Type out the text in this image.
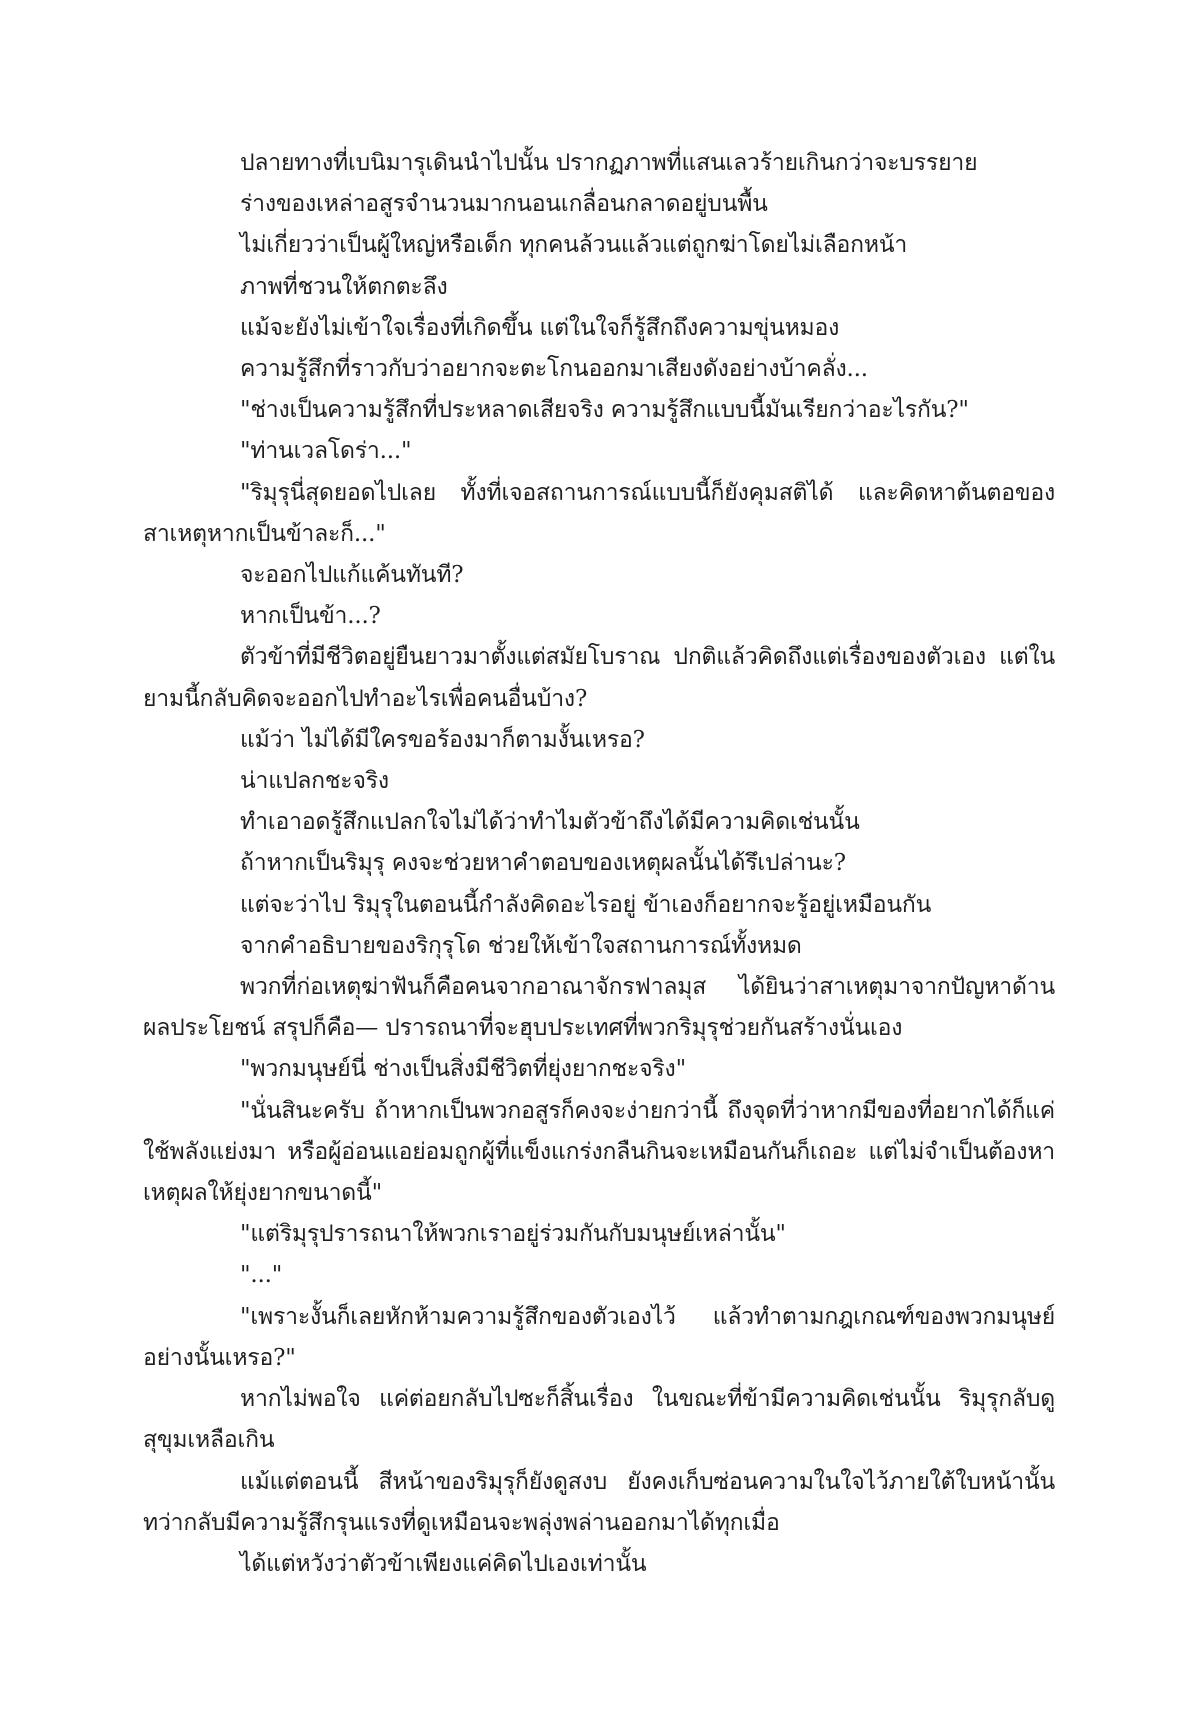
ปลายทางที่เบนิมารุเดินนำไปนั้น ปรากฏภาพที่แสนเลวร้ายเกินกว่าจะบรรยาย

ร่างของเหล่าอสูรจำนวนมากนอนเกลื่อนกลาดอยู่บนพื้น

ไม่เกี่ยวว่าเป็นผู้ใหญ่หรือเด็ก ทุกคนล้วนแล้วแต่ถูกฆ่าโดยไม่เลือกหน้า

ภาพที่ชวนให้ตกตะลึง

แม้จะยังไม่เข้าใจเรื่องที่เกิดขึ้น แต่ในใจก็รู้สึกถึงความขุ่นหมอง

ความรู้สึกที่ราวกับว่าอยากจะตะโกนออกมาเสียงดังอย่างบ้าคลั่ง...

"ช่างเป็นความรู้สึกที่ประหลาดเสียจริง ความรู้สึกแบบนี้มันเรียกว่าอะไรกัน?"

"ท่านเวลโดร่า..."

"ริมุรุนี่สุดยอดไปเลย ทั้งที่เจอสถานการณ์แบบนี้ก็ยังคุมสติได้ และคิดหาต้นตอของสาเหตุหากเป็นข้าละก็..."

จะออกไปแก้แค้นทันที?

หากเป็นข้า...?

ตัวข้าที่มีชีวิตอยู่ยืนยาวมาตั้งแต่สมัยโบราณ ปกติแล้วคิดถึงแต่เรื่องของตัวเอง แต่ในยามนี้กลับคิดจะออกไปทำอะไรเพื่อคนอื่นบ้าง?

แม้ว่า ไม่ได้มีใครขอร้องมาก็ตามงั้นเหรอ?

น่าแปลกชะจริง

ทำเอาอดรู้สึกแปลกใจไม่ได้ว่าทำไมตัวข้าถึงได้มีความคิดเช่นนั้น

ถ้าหากเป็นริมุรุ คงจะช่วยหาคำตอบของเหตุผลนั้นได้รึเปล่านะ?

แต่จะว่าไป ริมุรุในตอนนี้กำลังคิดอะไรอยู่ ข้าเองก็อยากจะรู้อยู่เหมือนกัน

จากคำอธิบายของริกุรุโด ช่วยให้เข้าใจสถานการณ์ทั้งหมด

พวกที่ก่อเหตุฆ่าฟันก็คือคนจากอาณาจักรฟาลมุส ได้ยินว่าสาเหตุมาจากปัญหาด้านผลประโยชน์ สรุปก็คือ— ปรารถนาที่จะฮุบประเทศที่พวกริมุรุช่วยกันสร้างนั่นเอง

"พวกมนุษย์นี่ ช่างเป็นสิ่งมีชีวิตที่ยุ่งยากชะจริง"

"นั่นสินะครับ ถ้าหากเป็นพวกอสูรก็คงจะง่ายกว่านี้ ถึงจุดที่ว่าหากมีของที่อยากได้ก็แค่ใช้พลังแย่งมา หรือผู้อ่อนแอย่อมถูกผู้ที่แข็งแกร่งกลืนกินจะเหมือนกันก็เถอะ แต่ไม่จำเป็นต้องหาเหตุผลให้ยุ่งยากขนาดนี้"

"แต่ริมุรุปรารถนาให้พวกเราอยู่ร่วมกันกับมนุษย์เหล่านั้น"

"..."

"เพราะงั้นก็เลยหักห้ามความรู้สึกของตัวเองไว้ แล้วทำตามกฎเกณฑ์ของพวกมนุษย์อย่างนั้นเหรอ?"

หากไม่พอใจ แค่ต่อยกลับไปซะก็สิ้นเรื่อง ในขณะที่ข้ามีความคิดเช่นนั้น ริมุรุกลับดูสุขุมเหลือเกิน

แม้แต่ตอนนี้ สีหน้าของริมุรุก็ยังดูสงบ ยังคงเก็บซ่อนความในใจไว้ภายใต้ใบหน้านั้น ทว่ากลับมีความรู้สึกรุนแรงที่ดูเหมือนจะพลุ่งพล่านออกมาได้ทุกเมื่อ

ได้แต่หวังว่าตัวข้าเพียงแค่คิดไปเองเท่านั้น
